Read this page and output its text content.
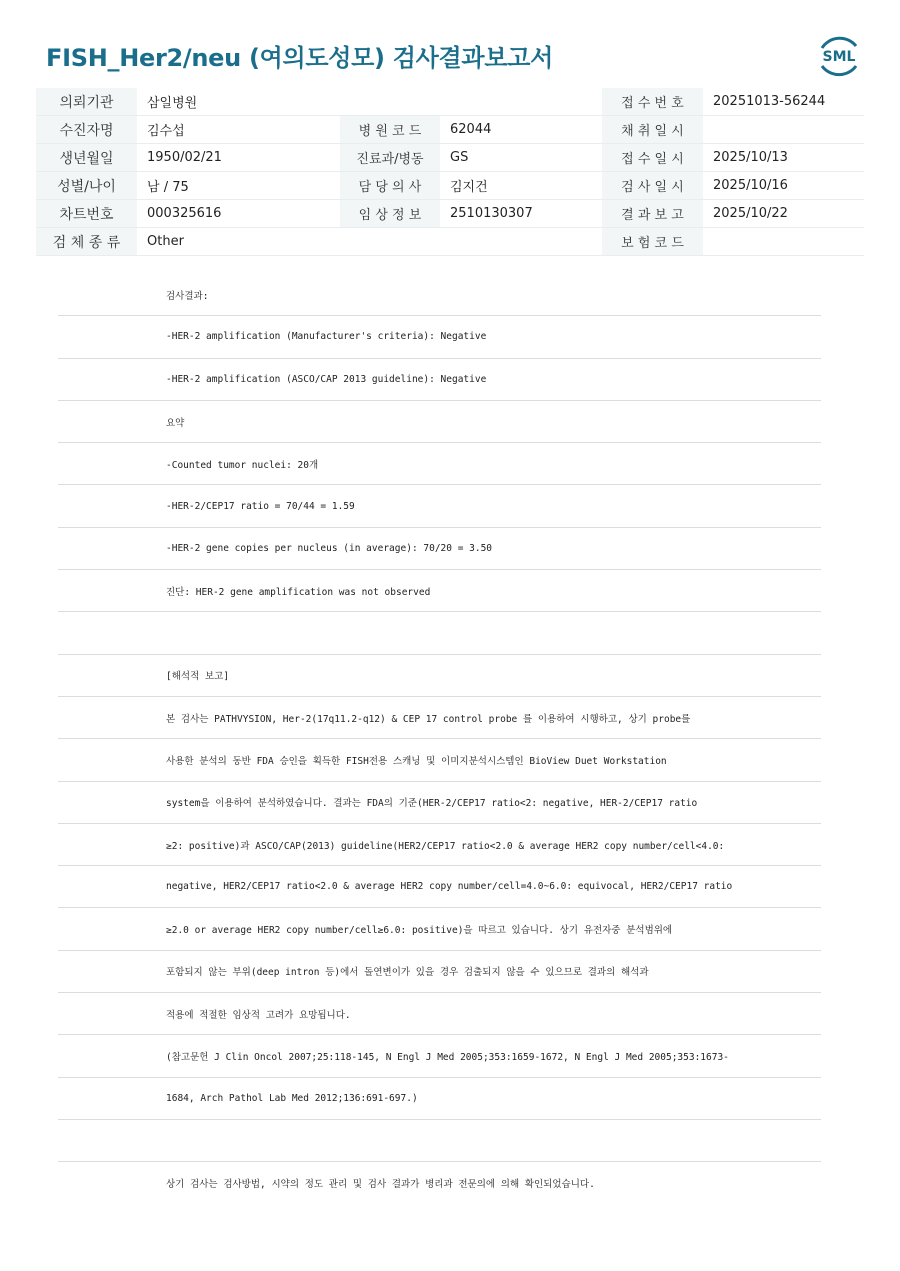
FISH_Her2/neu (여의도성모) 검사결과보고서	SML
의뢰기관	삼일병원			접 수 번 호	20251013-56244
수진자명	김수섭	병 원 코 드	62044	채 취 일 시	
생년월일	1950/02/21	진료과/병동	GS	접 수 일 시	2025/10/13
성별/나이	남 / 75	담 당 의 사	김지건	검 사 일 시	2025/10/16
차트번호	000325616	임 상 정 보	2510130307	결 과 보 고	2025/10/22
검 체 종 류	Other			보 험 코 드	
검사결과:
-HER-2 amplification (Manufacturer's criteria): Negative
-HER-2 amplification (ASCO/CAP 2013 guideline): Negative
요약
-Counted tumor nuclei: 20개
-HER-2/CEP17 ratio = 70/44 = 1.59
-HER-2 gene copies per nucleus (in average): 70/20 = 3.50
진단: HER-2 gene amplification was not observed
[해석적 보고]
본 검사는 PATHVYSION, Her-2(17q11.2-q12) & CEP 17 control probe 를 이용하여 시행하고, 상기 probe를
사용한 분석의 동반 FDA 승인을 획득한 FISH전용 스캐닝 및 이미지분석시스템인 BioView Duet Workstation
system을 이용하여 분석하였습니다. 결과는 FDA의 기준(HER-2/CEP17 ratio<2: negative, HER-2/CEP17 ratio
≥2: positive)과 ASCO/CAP(2013) guideline(HER2/CEP17 ratio<2.0 & average HER2 copy number/cell<4.0:
negative, HER2/CEP17 ratio<2.0 & average HER2 copy number/cell=4.0~6.0: equivocal, HER2/CEP17 ratio
≥2.0 or average HER2 copy number/cell≥6.0: positive)을 따르고 있습니다. 상기 유전자중 분석범위에
포함되지 않는 부위(deep intron 등)에서 돌연변이가 있을 경우 검출되지 않을 수 있으므로 결과의 해석과
적용에 적절한 임상적 고려가 요망됩니다.
(참고문헌 J Clin Oncol 2007;25:118-145, N Engl J Med 2005;353:1659-1672, N Engl J Med 2005;353:1673-
1684, Arch Pathol Lab Med 2012;136:691-697.)
상기 검사는 검사방법, 시약의 정도 관리 및 검사 결과가 병리과 전문의에 의해 확인되었습니다.
